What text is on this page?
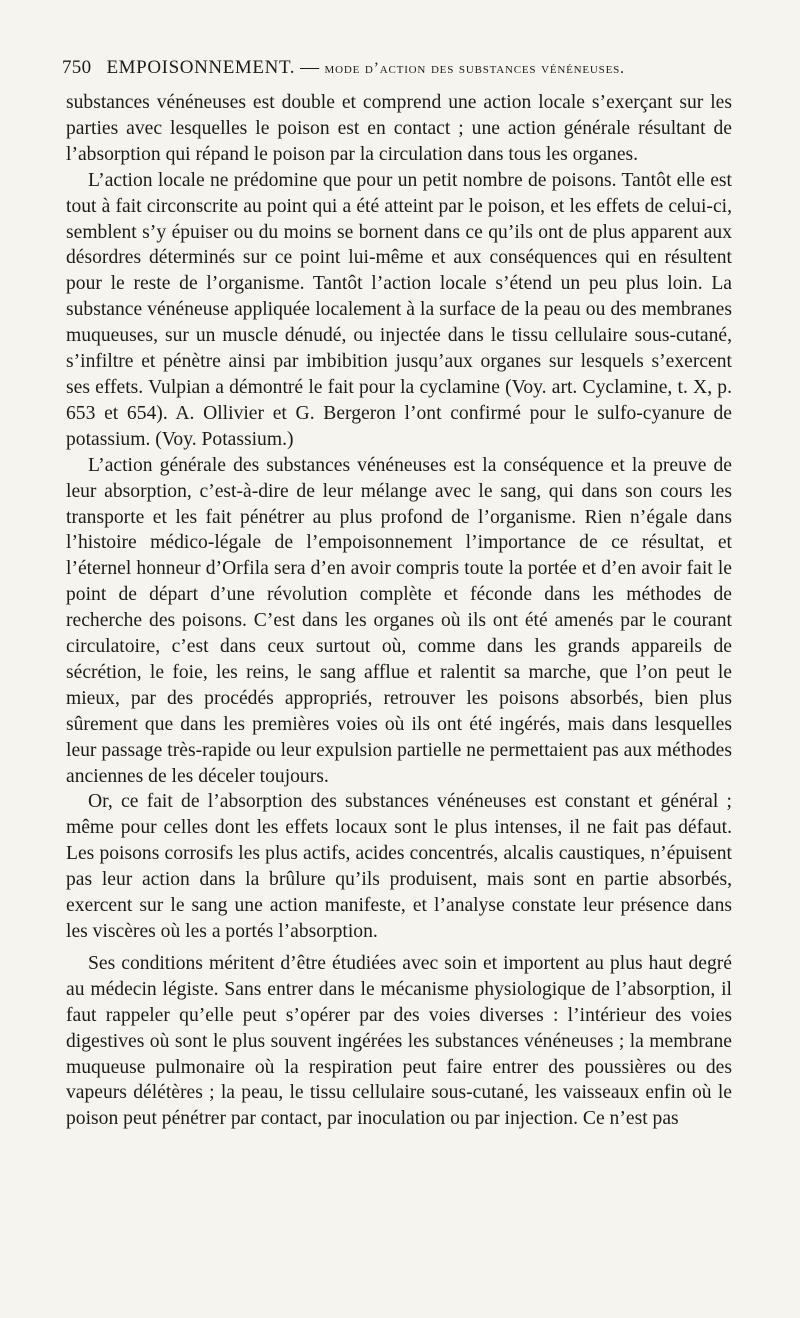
750 EMPOISONNEMENT. — mode d’action des substances vénéneuses.

substances vénéneuses est double et comprend une action locale s’exerçant sur les parties avec lesquelles le poison est en contact ; une action générale résultant de l’absorption qui répand le poison par la circulation dans tous les organes.

L’action locale ne prédomine que pour un petit nombre de poisons. Tantôt elle est tout à fait circonscrite au point qui a été atteint par le poison, et les effets de celui-ci, semblent s’y épuiser ou du moins se bornent dans ce qu’ils ont de plus apparent aux désordres déterminés sur ce point lui-même et aux conséquences qui en résultent pour le reste de l’organisme. Tantôt l’action locale s’étend un peu plus loin. La substance vénéneuse appliquée localement à la surface de la peau ou des membranes muqueuses, sur un muscle dénudé, ou injectée dans le tissu cellulaire sous-cutané, s’infiltre et pénètre ainsi par imbibition jusqu’aux organes sur lesquels s’exercent ses effets. Vulpian a démontré le fait pour la cyclamine (Voy. art. Cyclamine, t. X, p. 653 et 654). A. Ollivier et G. Bergeron l’ont confirmé pour le sulfo-cyanure de potassium. (Voy. Potassium.)

L’action générale des substances vénéneuses est la conséquence et la preuve de leur absorption, c’est-à-dire de leur mélange avec le sang, qui dans son cours les transporte et les fait pénétrer au plus profond de l’organisme. Rien n’égale dans l’histoire médico-légale de l’empoisonnement l’importance de ce résultat, et l’éternel honneur d’Orfila sera d’en avoir compris toute la portée et d’en avoir fait le point de départ d’une révolution complète et féconde dans les méthodes de recherche des poisons. C’est dans les organes où ils ont été amenés par le courant circulatoire, c’est dans ceux surtout où, comme dans les grands appareils de sécrétion, le foie, les reins, le sang afflue et ralentit sa marche, que l’on peut le mieux, par des procédés appropriés, retrouver les poisons absorbés, bien plus sûrement que dans les premières voies où ils ont été ingérés, mais dans lesquelles leur passage très-rapide ou leur expulsion partielle ne permettaient pas aux méthodes anciennes de les déceler toujours.

Or, ce fait de l’absorption des substances vénéneuses est constant et général ; même pour celles dont les effets locaux sont le plus intenses, il ne fait pas défaut. Les poisons corrosifs les plus actifs, acides concentrés, alcalis caustiques, n’épuisent pas leur action dans la brûlure qu’ils produisent, mais sont en partie absorbés, exercent sur le sang une action manifeste, et l’analyse constate leur présence dans les viscères où les a portés l’absorption.

Ses conditions méritent d’être étudiées avec soin et importent au plus haut degré au médecin légiste. Sans entrer dans le mécanisme physiologique de l’absorption, il faut rappeler qu’elle peut s’opérer par des voies diverses : l’intérieur des voies digestives où sont le plus souvent ingérées les substances vénéneuses ; la membrane muqueuse pulmonaire où la respiration peut faire entrer des poussières ou des vapeurs délétères ; la peau, le tissu cellulaire sous-cutané, les vaisseaux enfin où le poison peut pénétrer par contact, par inoculation ou par injection. Ce n’est pas
